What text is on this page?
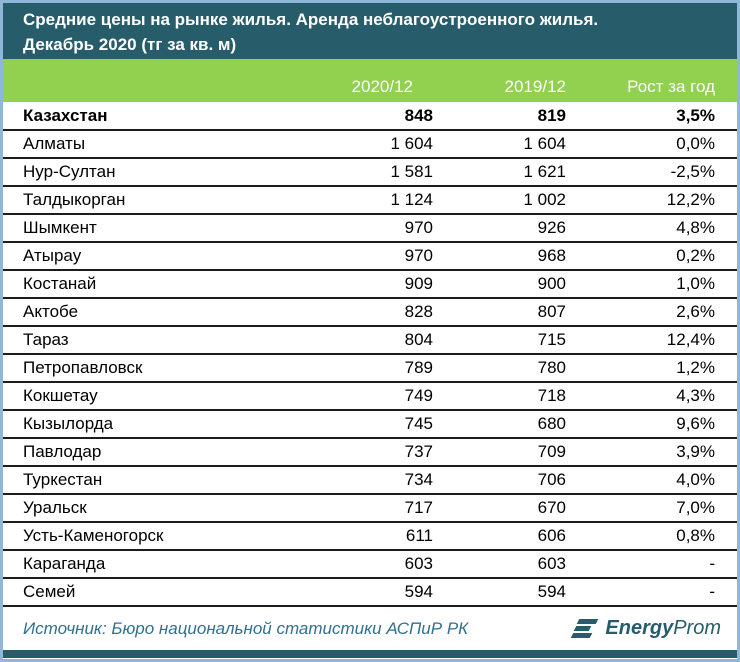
Средние цены на рынке жилья. Аренда неблагоустроенного жилья.
Декабрь 2020 (тг за кв. м)
	2020/12	2019/12	Рост за год
Казахстан	848	819	3,5%
Алматы	1 604	1 604	0,0%
Нур-Султан	1 581	1 621	-2,5%
Талдыкорган	1 124	1 002	12,2%
Шымкент	970	926	4,8%
Атырау	970	968	0,2%
Костанай	909	900	1,0%
Актобе	828	807	2,6%
Тараз	804	715	12,4%
Петропавловск	789	780	1,2%
Кокшетау	749	718	4,3%
Кызылорда	745	680	9,6%
Павлодар	737	709	3,9%
Туркестан	734	706	4,0%
Уральск	717	670	7,0%
Усть-Каменогорск	611	606	0,8%
Караганда	603	603	-
Семей	594	594	-
Источник: Бюро национальной статистики АСПиР РК	EnergyProm
